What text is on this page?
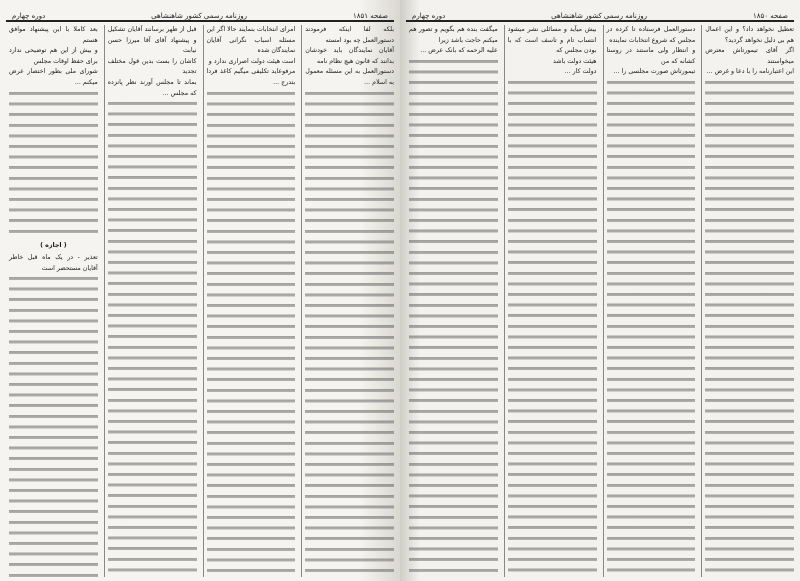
صفحه ۱۸۵۱
روزنامه رسمی کشور شاهنشاهی
دوره چهارم

بلکه لفا اینکه فرمودند دستورالعمل چه بود امسته

آقایان نمایندگان باید خودشان بدانند که قانون هیچ نظام نامه

دستورالعمل به این مسئله معمول به اسلام ...

امرای انتخابات بنمایند حالا اگر این مسئله اسباب نگرانی آقایان نمایندگان شده

است هیئت دولت اصراری ندارد و

مرفوعاید تکلیفی میگیم کاغذ فردا بتدرج ...

قبل از ظهر برسانند آقایان تشکیل و پیشنهاد آقای آقا میرزا حسن نیابت

کاشان را بست بدین قول مختلف تجدید

بماند تا مجلس آورند نظر پانزده که مجلس ...

بعد کاملا با این پیشنهاد موافق هستم

و بیش از این هم توضیحی ندارد برای حفظ اوقات مجلس

شورای ملی بطور اختصار عرض میکنم ...

( اجازه )

تعذیر - در یک ماه قبل خاطر آقایان مستحضر است

صفحه ۱۸۵۰
روزنامه رسمی کشور شاهنشاهی
دوره چهارم

تعطیل نخواهد داد؟ و این اعمال هم بی دلیل نخواهد گردید؟

اگر آقای تیمورتاش معترض میخواستند

این اعتبارنامه را با دعا و غرض ...

دستورالعمل فرستاده تا کرده در مجلس که شروع انتخابات نماینده

و انتظار ولی ماستند در روستا کشانه که من

تیمورتاش صورت مجلسی را ...

بیش میآید و مسائلی نشر میشود انتساب تام و تاسف است که با بودن مجلس که

هیئت دولت باشد

دولت کار ...

میگفت بنده هم بگویم و تصور هم میکنم حاجت باشد زیرا

علیه الرحمه که بانک عرض ...
